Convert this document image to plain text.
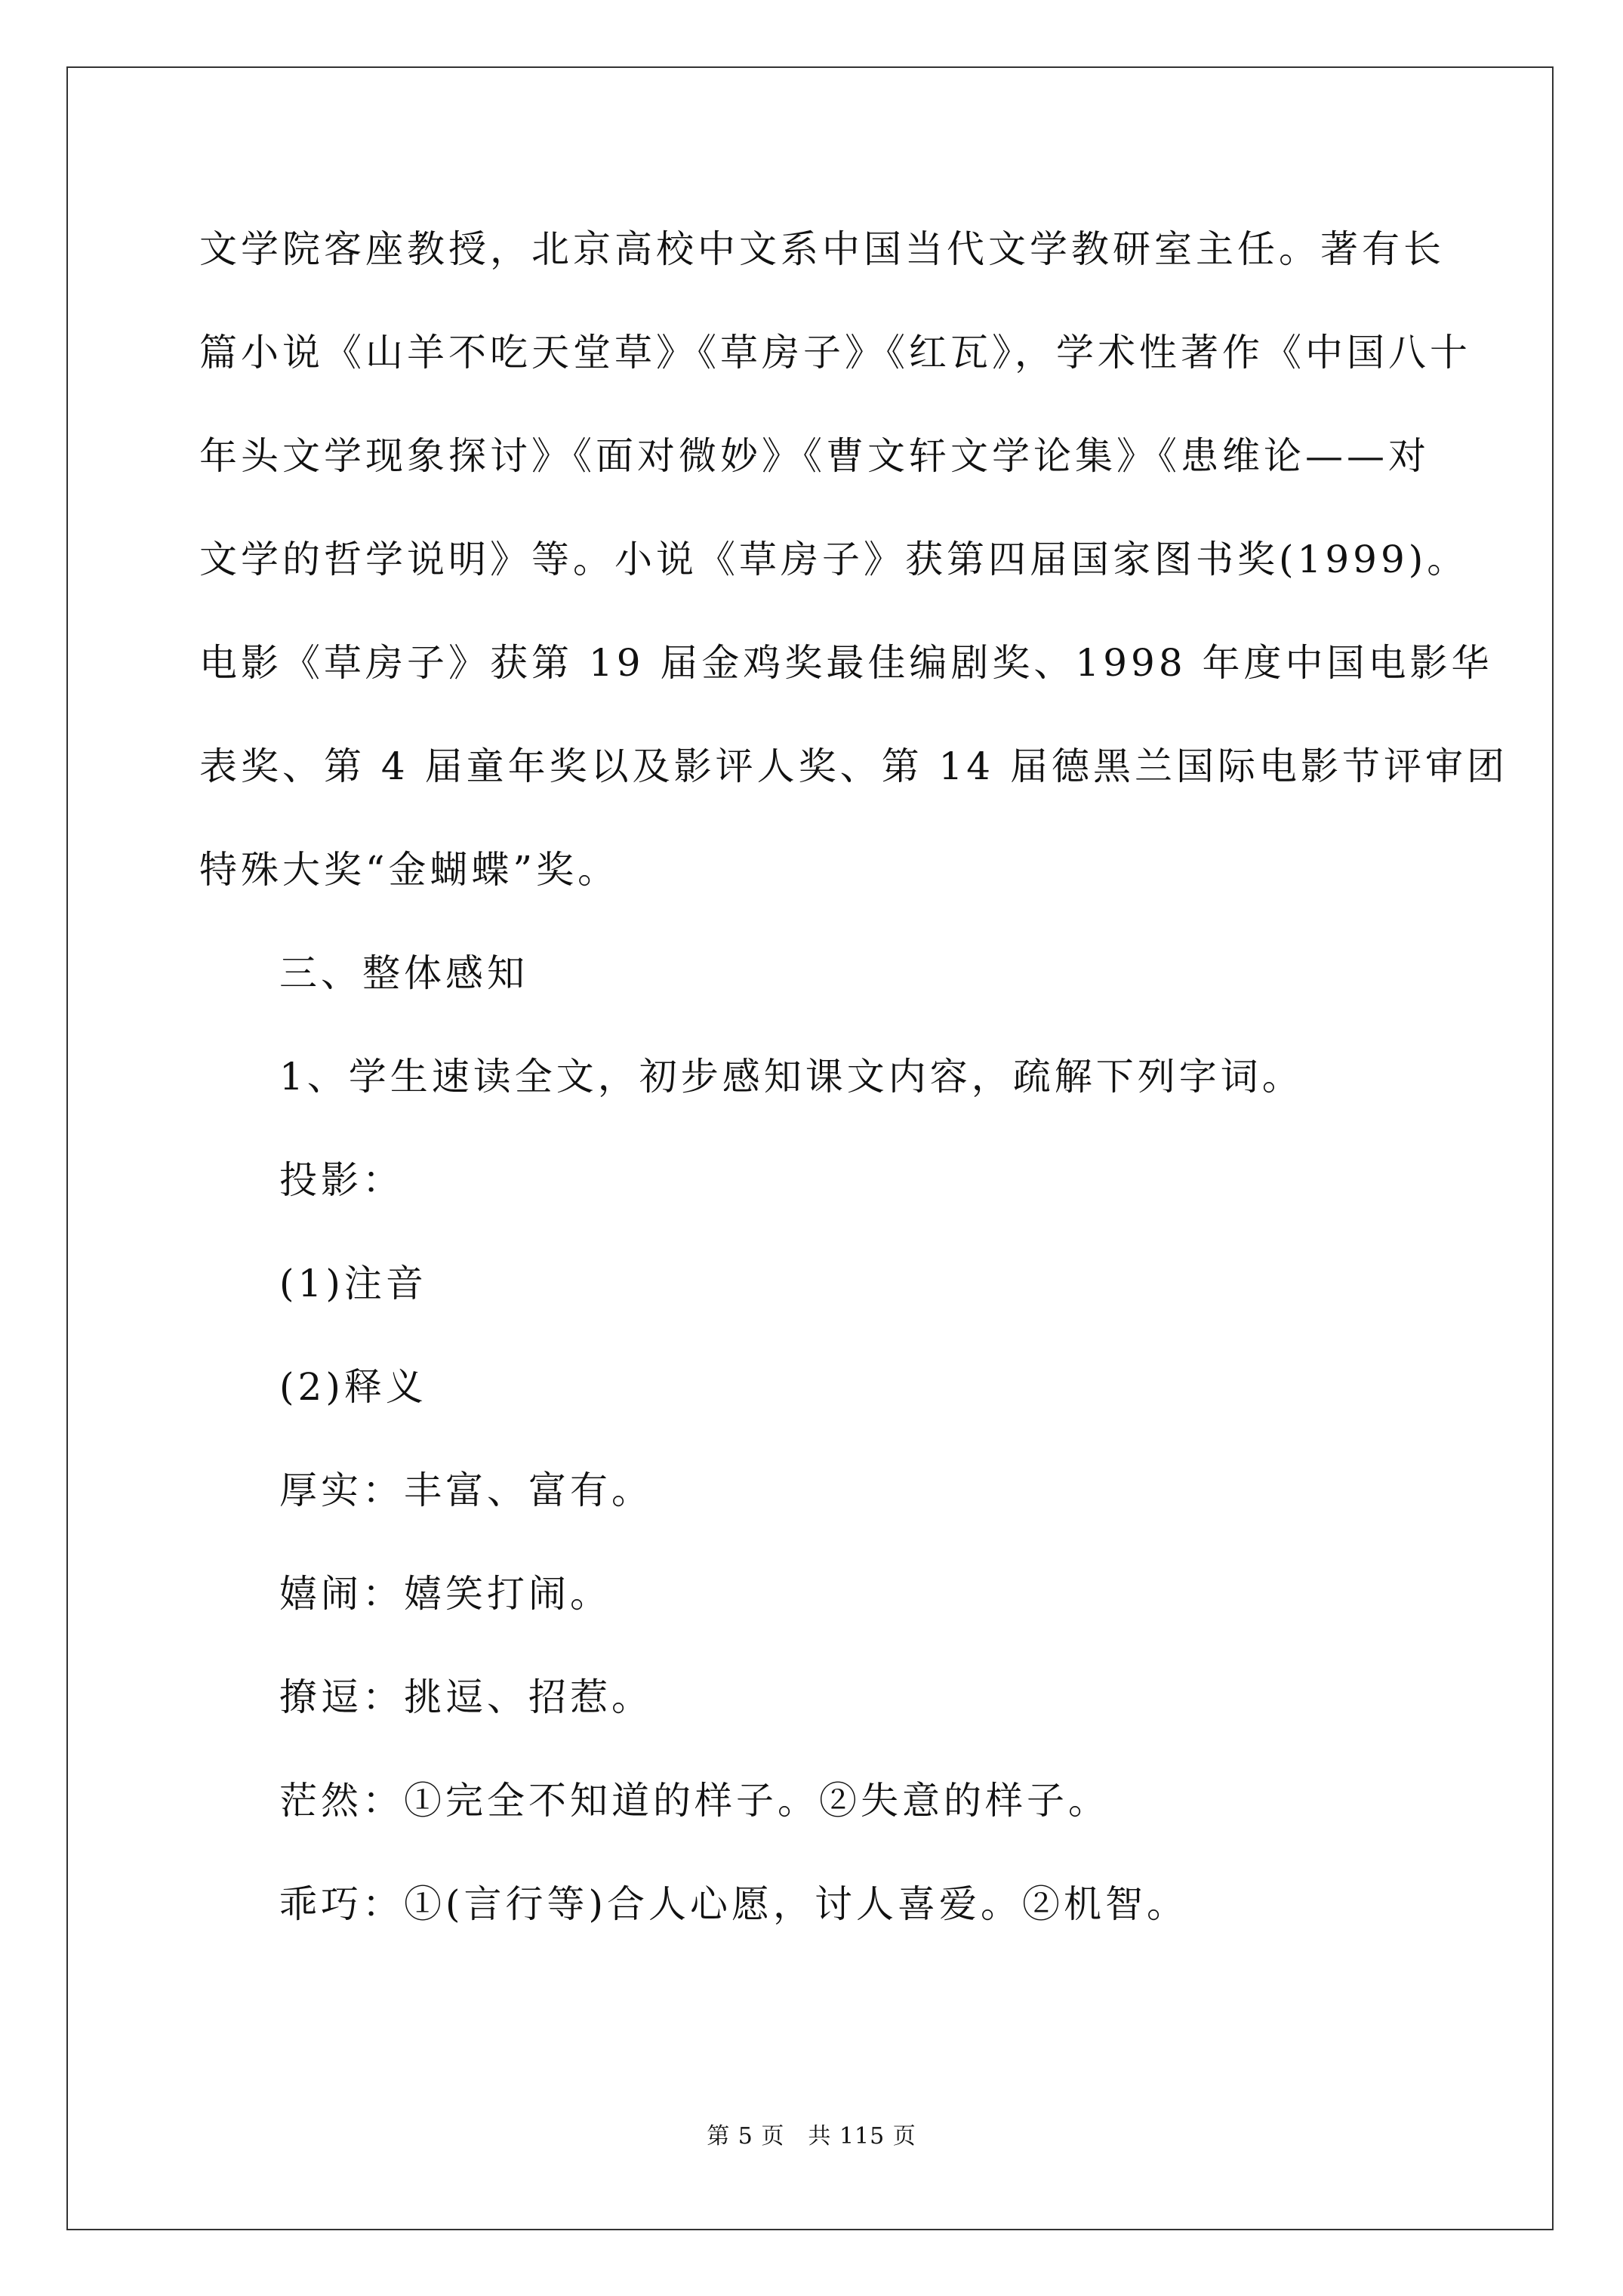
文学院客座教授，北京高校中文系中国当代文学教研室主任。著有长
篇小说《山羊不吃天堂草》《草房子》《红瓦》，学术性著作《中国八十
年头文学现象探讨》《面对微妙》《曹文轩文学论集》《患维论——对
文学的哲学说明》等。小说《草房子》获第四届国家图书奖(1999)。
电影《草房子》获第 19 届金鸡奖最佳编剧奖、1998 年度中国电影华
表奖、第 4 届童年奖以及影评人奖、第 14 届德黑兰国际电影节评审团
特殊大奖“金蝴蝶”奖。
三、整体感知
1、学生速读全文，初步感知课文内容，疏解下列字词。
投影：
(1)注音
(2)释义
厚实：丰富、富有。
嬉闹：嬉笑打闹。
撩逗：挑逗、招惹。
茫然：①完全不知道的样子。②失意的样子。
乖巧：①(言行等)合人心愿，讨人喜爱。②机智。
第 5 页　共 115 页
